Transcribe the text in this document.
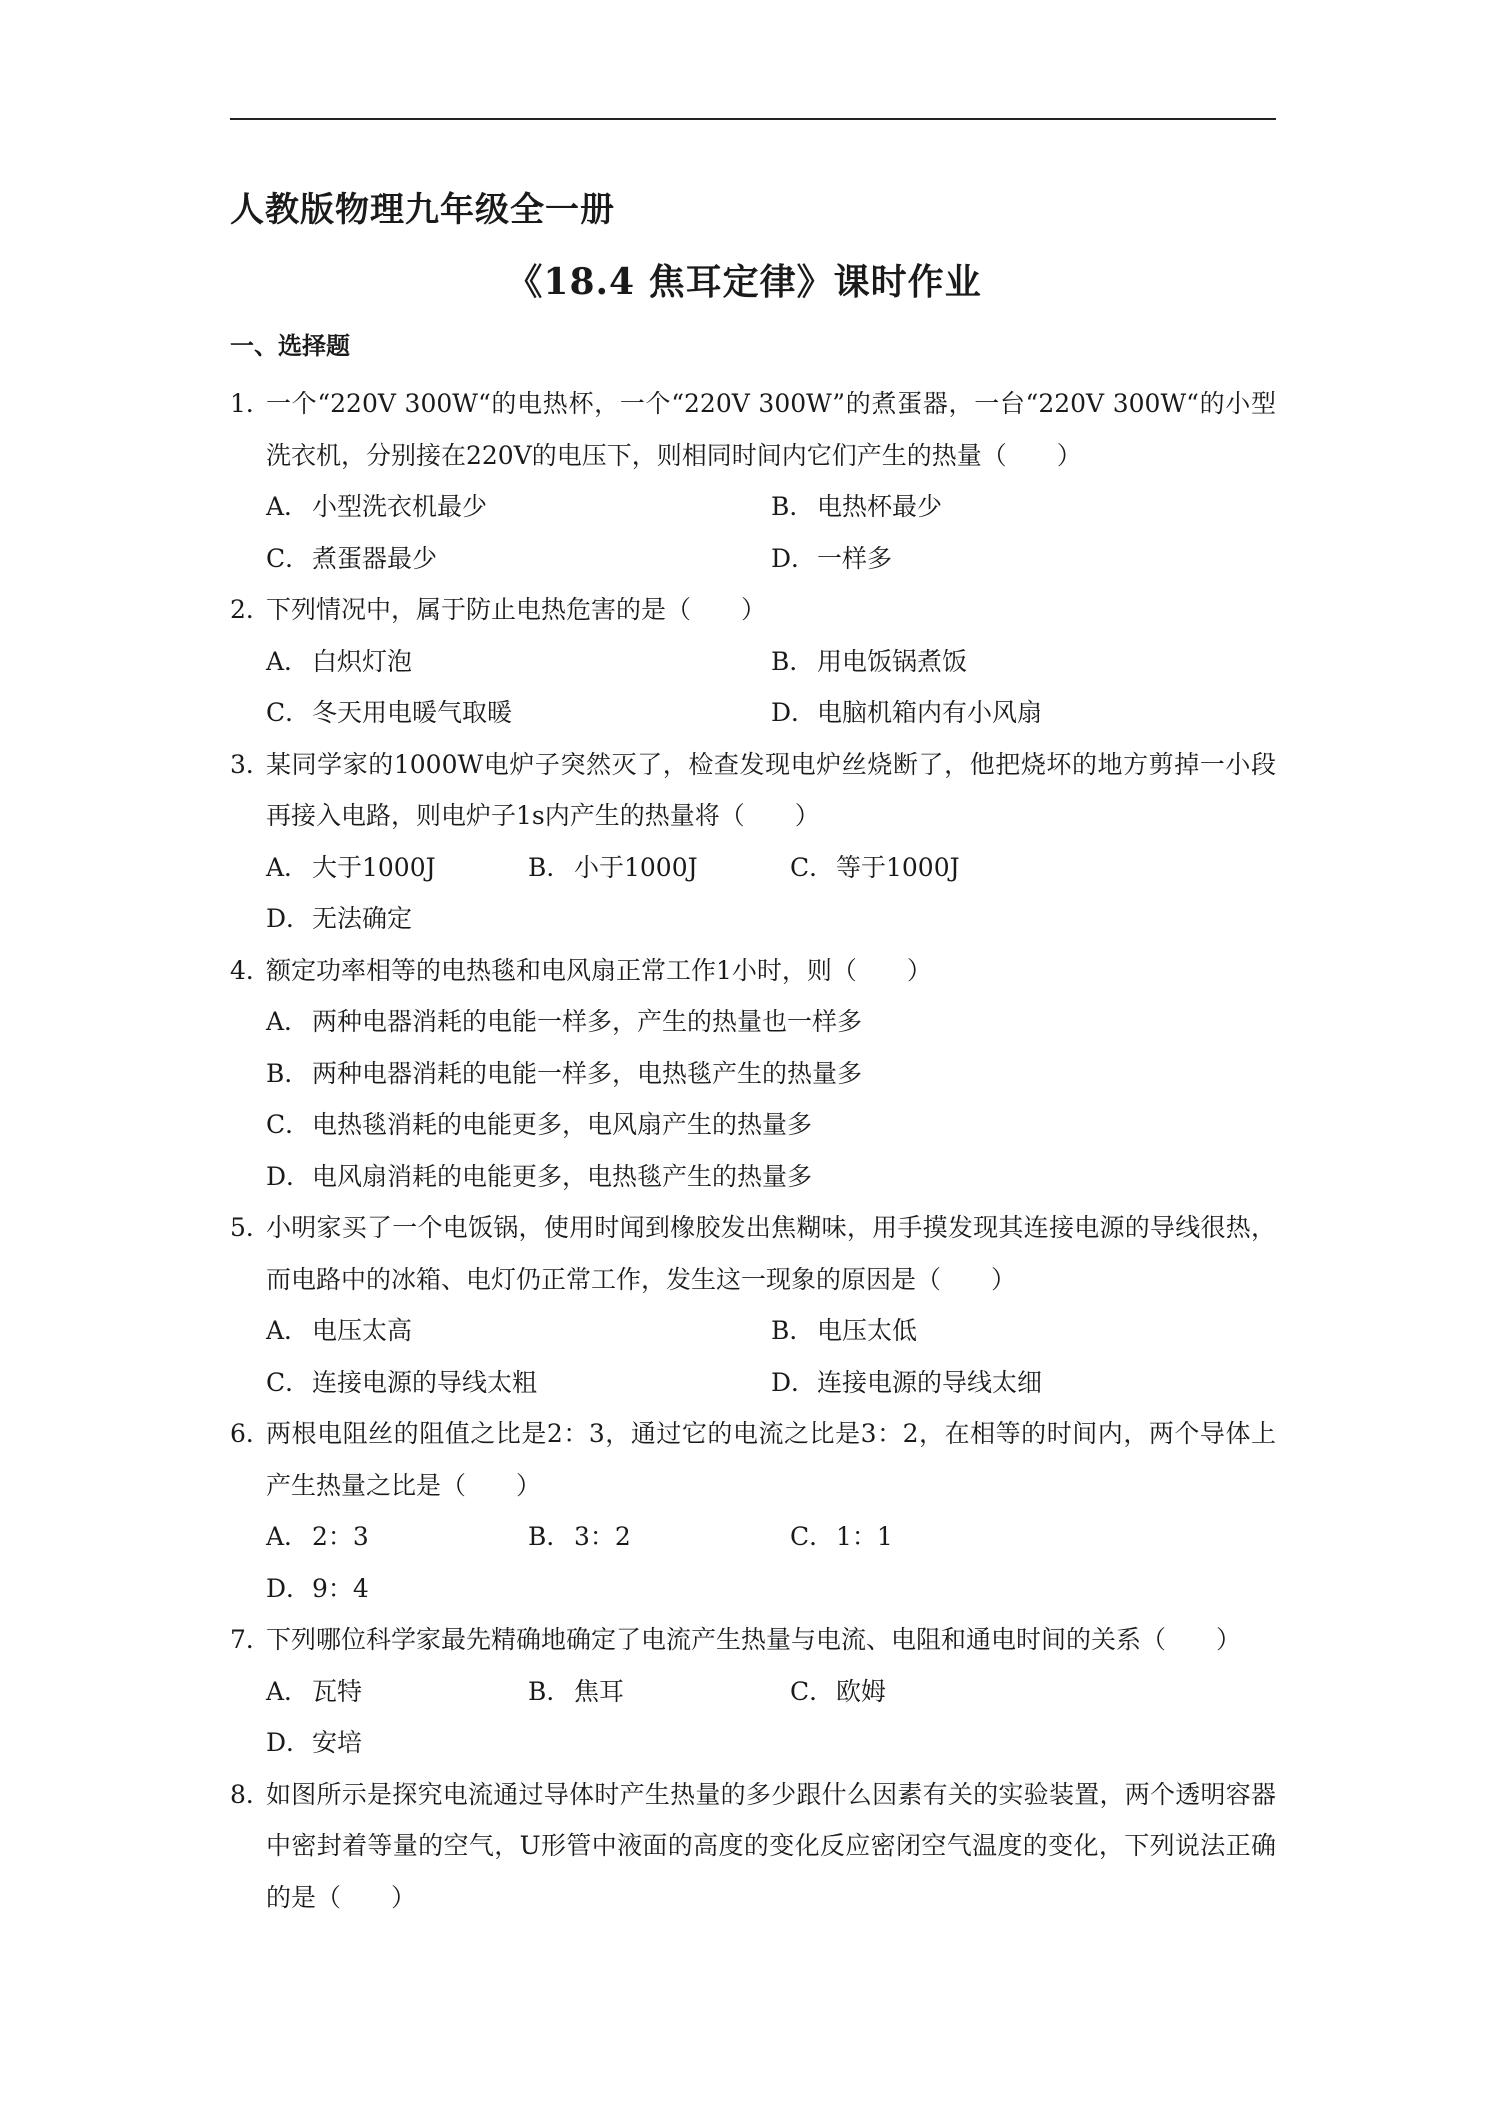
人教版物理九年级全一册
《18.4 焦耳定律》课时作业
一、选择题
1．
一个“220V 300W“的电热杯，一个“220V 300W”的煮蛋器，一台“220V 300W“的小型洗衣机，分别接在220V的电压下，则相同时间内它们产生的热量（　　）
A． 小型洗衣机最少	B． 电热杯最少
C．煮蛋器最少	D．一样多
2．
下列情况中，属于防止电热危害的是（　　）
A． 白炽灯泡	B． 用电饭锅煮饭
C．冬天用电暖气取暖	D．电脑机箱内有小风扇
3．
某同学家的1000W电炉子突然灭了，检查发现电炉丝烧断了，他把烧坏的地方剪掉一小段再接入电路，则电炉子1s内产生的热量将（　　）
A． 大于1000J	B． 小于1000J	C．等于1000J
D．无法确定
4．
额定功率相等的电热毯和电风扇正常工作1小时，则（　　）
A． 两种电器消耗的电能一样多，产生的热量也一样多
B． 两种电器消耗的电能一样多，电热毯产生的热量多
C．电热毯消耗的电能更多，电风扇产生的热量多
D．电风扇消耗的电能更多，电热毯产生的热量多
5．
小明家买了一个电饭锅，使用时闻到橡胶发出焦糊味，用手摸发现其连接电源的导线很热，而电路中的冰箱、电灯仍正常工作，发生这一现象的原因是（　　）
A． 电压太高	B． 电压太低
C．连接电源的导线太粗	D．连接电源的导线太细
6．
两根电阻丝的阻值之比是2：3，通过它的电流之比是3：2，在相等的时间内，两个导体上产生热量之比是（　　）
A． 2：3	B． 3：2	C．1：1
D．9：4
7．
下列哪位科学家最先精确地确定了电流产生热量与电流、电阻和通电时间的关系（　　）
A． 瓦特	B． 焦耳	C．欧姆
D．安培
8．
如图所示是探究电流通过导体时产生热量的多少跟什么因素有关的实验装置，两个透明容器中密封着等量的空气，U形管中液面的高度的变化反应密闭空气温度的变化，下列说法正确的是（　　）
